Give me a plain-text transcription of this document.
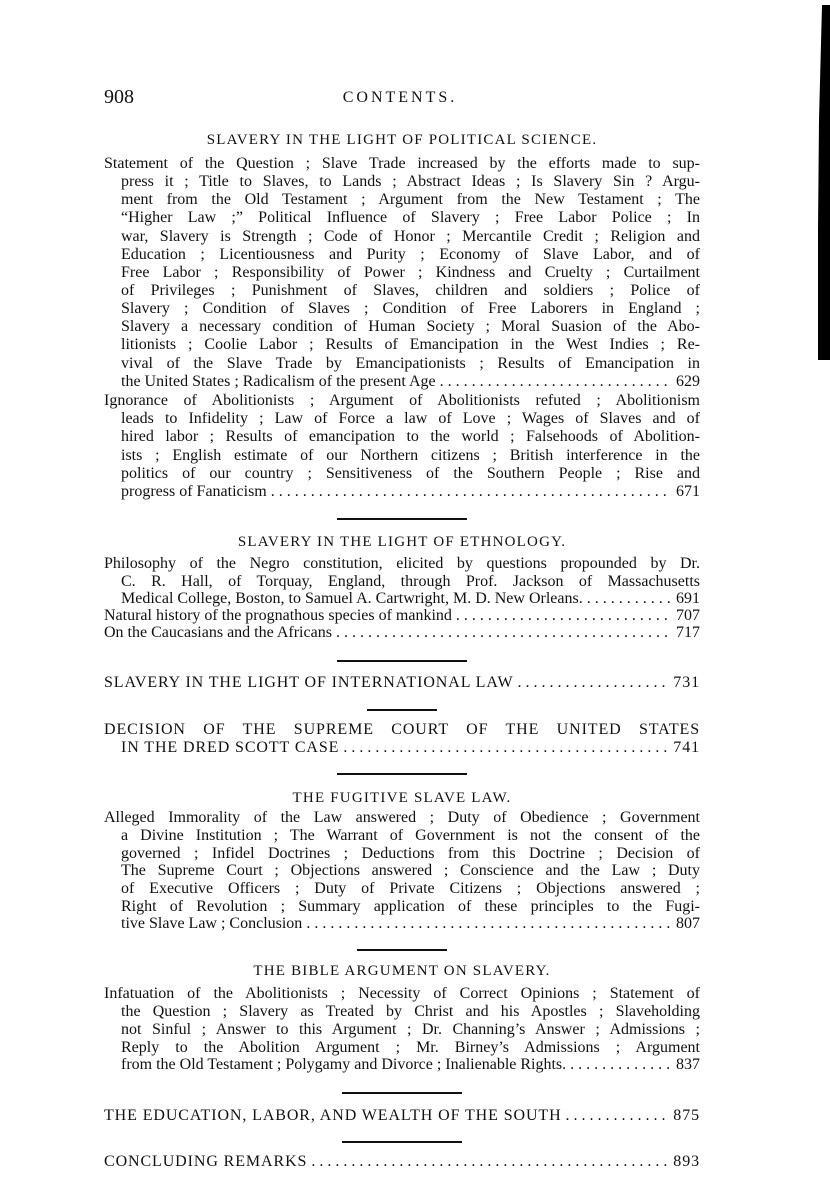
908	CONTENTS.
SLAVERY IN THE LIGHT OF POLITICAL SCIENCE.
Statement of the Question ; Slave Trade increased by the efforts made to sup-
press it ; Title to Slaves, to Lands ; Abstract Ideas ; Is Slavery Sin ? Argu-
ment from the Old Testament ; Argument from the New Testament ; The
“Higher Law ;” Political Influence of Slavery ; Free Labor Police ; In
war, Slavery is Strength ; Code of Honor ; Mercantile Credit ; Religion and
Education ; Licentiousness and Purity ; Economy of Slave Labor, and of
Free Labor ; Responsibility of Power ; Kindness and Cruelty ; Curtailment
of Privileges ; Punishment of Slaves, children and soldiers ; Police of
Slavery ; Condition of Slaves ; Condition of Free Laborers in England ;
Slavery a necessary condition of Human Society ; Moral Suasion of the Abo-
litionists ; Coolie Labor ; Results of Emancipation in the West Indies ; Re-
vival of the Slave Trade by Emancipationists ; Results of Emancipation in
the United States ; Radicalism of the present Age . . .	629
Ignorance of Abolitionists ; Argument of Abolitionists refuted ; Abolitionism
leads to Infidelity ; Law of Force a law of Love ; Wages of Slaves and of
hired labor ; Results of emancipation to the world ; Falsehoods of Abolition-
ists ; English estimate of our Northern citizens ; British interference in the
politics of our country ; Sensitiveness of the Southern People ; Rise and
progress of Fanaticism . . .	671
SLAVERY IN THE LIGHT OF ETHNOLOGY.
Philosophy of the Negro constitution, elicited by questions propounded by Dr.
C. R. Hall, of Torquay, England, through Prof. Jackson of Massachusetts
Medical College, Boston, to Samuel A. Cartwright, M. D. New Orleans. . . .	691
Natural history of the prognathous species of mankind . . .	707
On the Caucasians and the Africans . . .	717
SLAVERY IN THE LIGHT OF INTERNATIONAL LAW . . .	731
DECISION OF THE SUPREME COURT OF THE UNITED STATES
IN THE DRED SCOTT CASE . . .	741
THE FUGITIVE SLAVE LAW.
Alleged Immorality of the Law answered ; Duty of Obedience ; Government
a Divine Institution ; The Warrant of Government is not the consent of the
governed ; Infidel Doctrines ; Deductions from this Doctrine ; Decision of
The Supreme Court ; Objections answered ; Conscience and the Law ; Duty
of Executive Officers ; Duty of Private Citizens ; Objections answered ;
Right of Revolution ; Summary application of these principles to the Fugi-
tive Slave Law ; Conclusion . . .	807
THE BIBLE ARGUMENT ON SLAVERY.
Infatuation of the Abolitionists ; Necessity of Correct Opinions ; Statement of
the Question ; Slavery as Treated by Christ and his Apostles ; Slaveholding
not Sinful ; Answer to this Argument ; Dr. Channing’s Answer ; Admissions ;
Reply to the Abolition Argument ; Mr. Birney’s Admissions ; Argument
from the Old Testament ; Polygamy and Divorce ; Inalienable Rights. . . .	837
THE EDUCATION, LABOR, AND WEALTH OF THE SOUTH . . .	875
CONCLUDING REMARKS . . .	893
